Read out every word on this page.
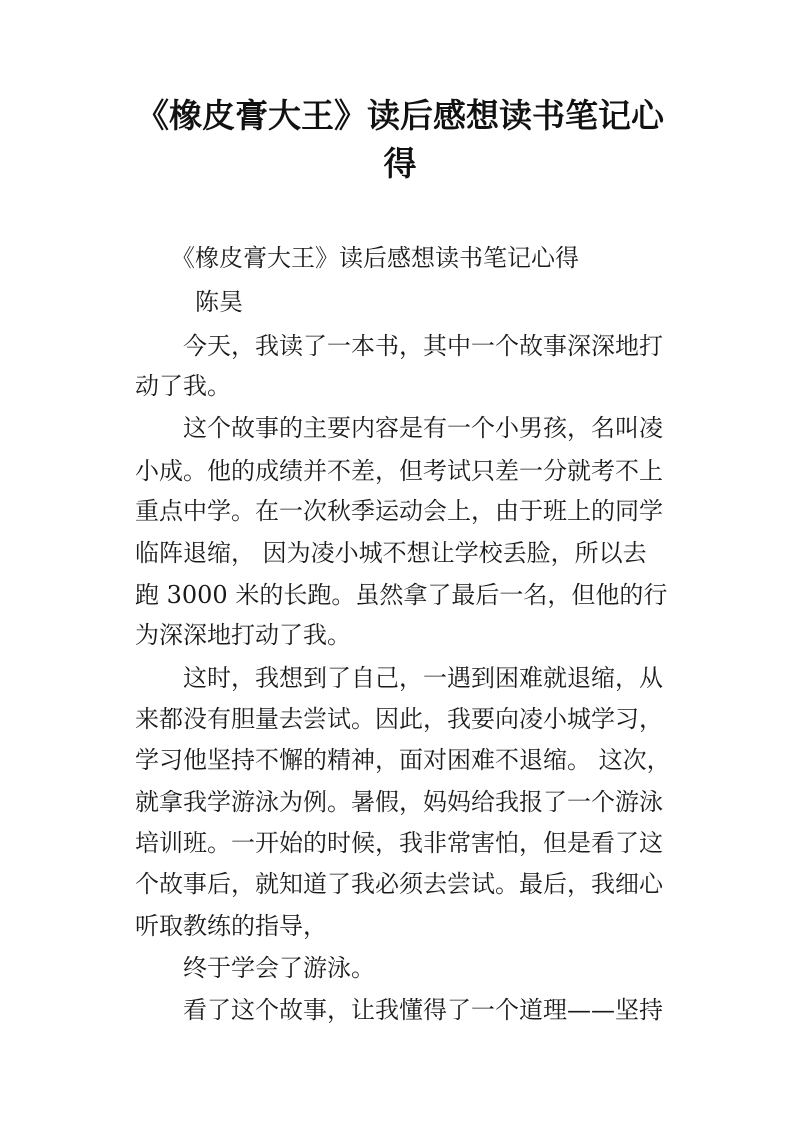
《橡皮膏大王》读后感想读书笔记心
得
《橡皮膏大王》读后感想读书笔记心得
陈昊
今天，我读了一本书，其中一个故事深深地打
动了我。
这个故事的主要内容是有一个小男孩，名叫凌
小成。他的成绩并不差，但考试只差一分就考不上
重点中学。在一次秋季运动会上，由于班上的同学
临阵退缩， 因为凌小城不想让学校丢脸，所以去
跑 3000 米的长跑。虽然拿了最后一名，但他的行
为深深地打动了我。
这时，我想到了自己，一遇到困难就退缩，从
来都没有胆量去尝试。因此，我要向凌小城学习，
学习他坚持不懈的精神，面对困难不退缩。 这次，
就拿我学游泳为例。暑假，妈妈给我报了一个游泳
培训班。一开始的时候，我非常害怕，但是看了这
个故事后，就知道了我必须去尝试。最后，我细心
听取教练的指导，
终于学会了游泳。
看了这个故事，让我懂得了一个道理——坚持
